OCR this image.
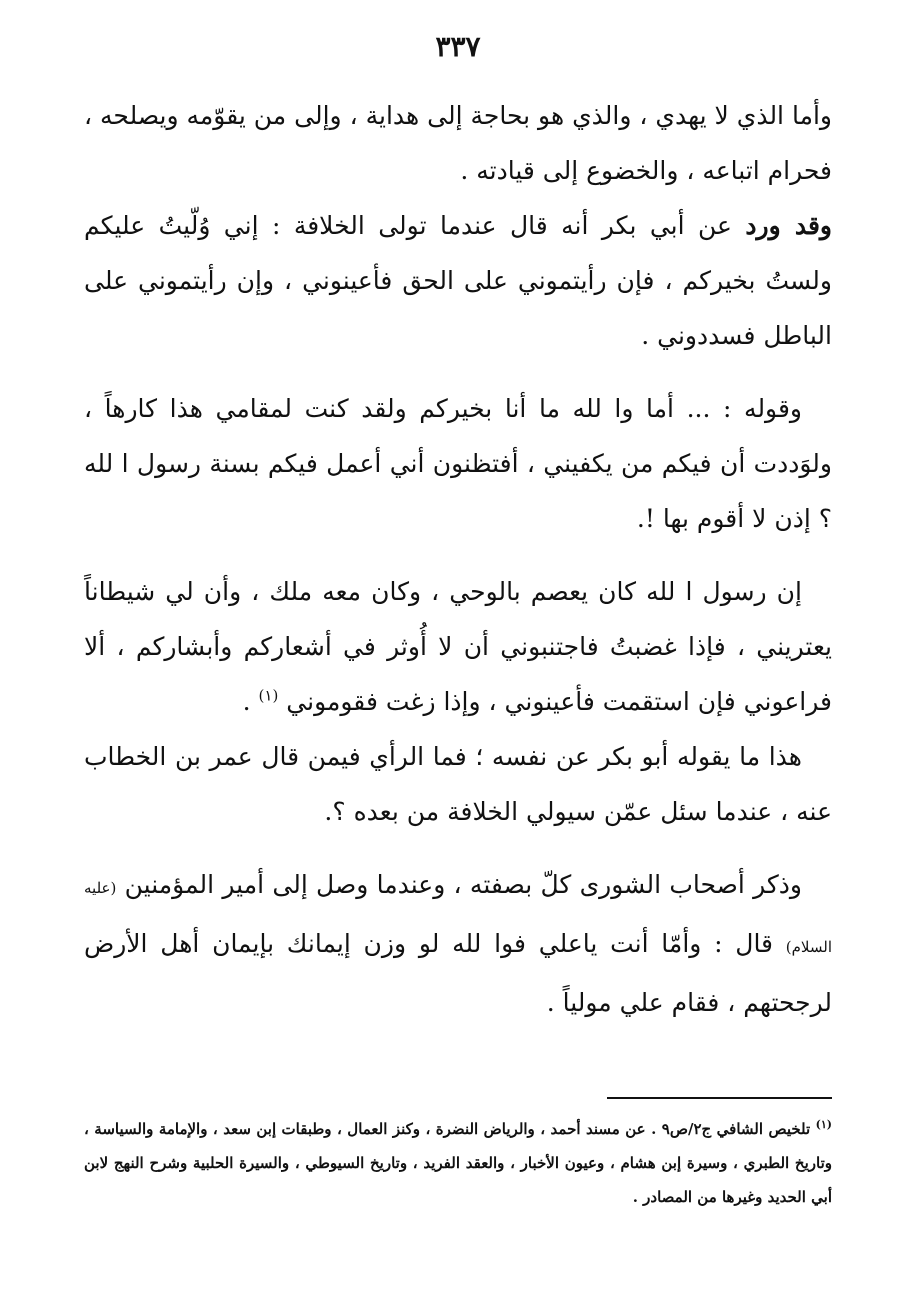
٣٣٧

وأما الذي لا يهدي ، والذي هو بحاجة إلى هداية ، وإلى من يقوّمه ويصلحه ، فحرام اتباعه ، والخضوع إلى قيادته .

وقد ورد عن أبي بكر أنه قال عندما تولى الخلافة : إني وُلّيتُ عليكم ولستُ بخيركم ، فإن رأيتموني على الحق فأعينوني ، وإن رأيتموني على الباطل فسددوني .

وقوله : ... أما وا لله ما أنا بخيركم ولقد كنت لمقامي هذا كارهاً ، ولوَددت أن فيكم من يكفيني ، أفتظنون أني أعمل فيكم بسنة رسول ا لله ؟ إذن لا أقوم بها !.

إن رسول ا لله كان يعصم بالوحي ، وكان معه ملك ، وأن لي شيطاناً يعتريني ، فإذا غضبتُ فاجتنبوني أن لا أُوثر في أشعاركم وأبشاركم ، ألا فراعوني فإن استقمت فأعينوني ، وإذا زغت فقوموني $^{(١)}$ .

هذا ما يقوله أبو بكر عن نفسه ؛ فما الرأي فيمن قال عمر بن الخطاب عنه ، عندما سئل عمّن سيولي الخلافة من بعده ؟.

وذكر أصحاب الشورى كلّ بصفته ، وعندما وصل إلى أمير المؤمنين (عليه السلام) قال : وأمّا أنت ياعلي فوا لله لو وزن إيمانك بإيمان أهل الأرض لرجحتهم ، فقام علي مولياً .

$^{(١)}$ تلخيص الشافي ج٢/ص٩ . عن مسند أحمد ، والرياض النضرة ، وكنز العمال ، وطبقات إبن سعد ، والإمامة والسياسة ، وتاريخ الطبري ، وسيرة إبن هشام ، وعيون الأخبار ، والعقد الفريد ، وتاريخ السيوطي ، والسيرة الحلبية وشرح النهج لابن أبي الحديد وغيرها من المصادر .
